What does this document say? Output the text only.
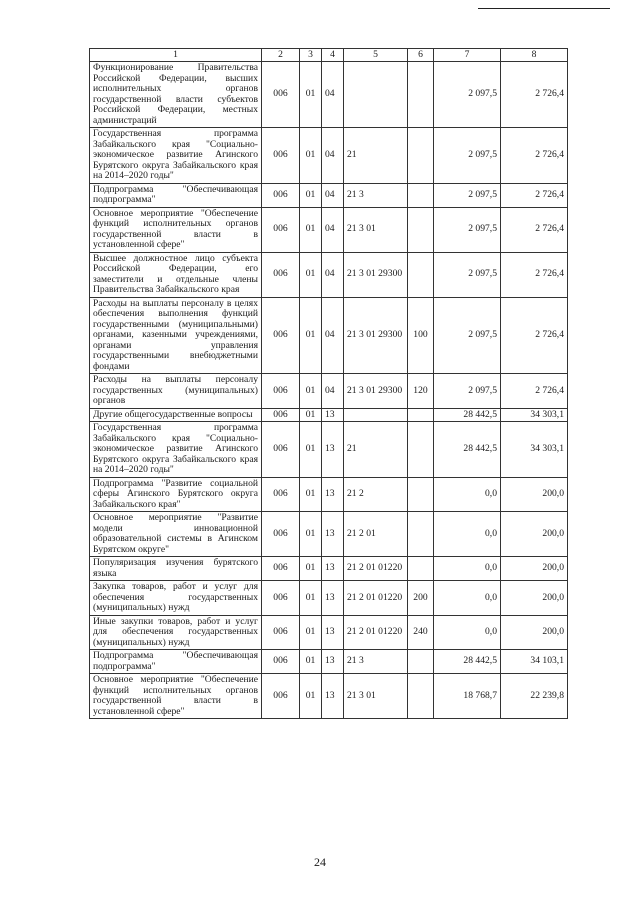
1	2	3	4	5	6	7	8
Функционирование Правительства Российской Федерации, высших исполнительных органов государственной власти субъектов Российской Федерации, местных администраций	006	01	04			2 097,5	2 726,4
Государственная программа Забайкальского края "Социально-экономическое развитие Агинского Бурятского округа Забайкальского края на 2014–2020 годы"	006	01	04	21		2 097,5	2 726,4
Подпрограмма "Обеспечивающая подпрограмма"	006	01	04	21 3		2 097,5	2 726,4
Основное мероприятие "Обеспечение функций исполнительных органов государственной власти в установленной сфере"	006	01	04	21 3 01		2 097,5	2 726,4
Высшее должностное лицо субъекта Российской Федерации, его заместители и отдельные члены Правительства Забайкальского края	006	01	04	21 3 01 29300		2 097,5	2 726,4
Расходы на выплаты персоналу в целях обеспечения выполнения функций государственными (муниципальными) органами, казенными учреждениями, органами управления государственными внебюджетными фондами	006	01	04	21 3 01 29300	100	2 097,5	2 726,4
Расходы на выплаты персоналу государственных (муниципальных) органов	006	01	04	21 3 01 29300	120	2 097,5	2 726,4
Другие общегосударственные вопросы	006	01	13			28 442,5	34 303,1
Государственная программа Забайкальского края "Социально-экономическое развитие Агинского Бурятского округа Забайкальского края на 2014–2020 годы"	006	01	13	21		28 442,5	34 303,1
Подпрограмма "Развитие социальной сферы Агинского Бурятского округа Забайкальского края"	006	01	13	21 2		0,0	200,0
Основное мероприятие "Развитие модели инновационной образовательной системы в Агинском Бурятском округе"	006	01	13	21 2 01		0,0	200,0
Популяризация изучения бурятского языка	006	01	13	21 2 01 01220		0,0	200,0
Закупка товаров, работ и услуг для обеспечения государственных (муниципальных) нужд	006	01	13	21 2 01 01220	200	0,0	200,0
Иные закупки товаров, работ и услуг для обеспечения государственных (муниципальных) нужд	006	01	13	21 2 01 01220	240	0,0	200,0
Подпрограмма "Обеспечивающая подпрограмма"	006	01	13	21 3		28 442,5	34 103,1
Основное мероприятие "Обеспечение функций исполнительных органов государственной власти в установленной сфере"	006	01	13	21 3 01		18 768,7	22 239,8
24
